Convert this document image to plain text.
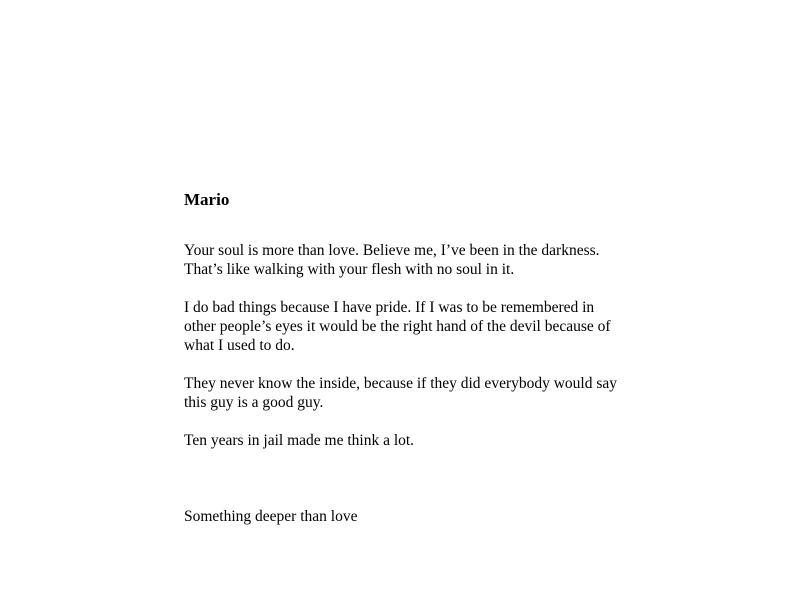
Mario

Your soul is more than love. Believe me, I’ve been in the darkness. That’s like walking with your flesh with no soul in it.

I do bad things because I have pride. If I was to be remembered in other people’s eyes it would be the right hand of the devil because of what I used to do.

They never know the inside, because if they did everybody would say this guy is a good guy.

Ten years in jail made me think a lot.

Something deeper than love
